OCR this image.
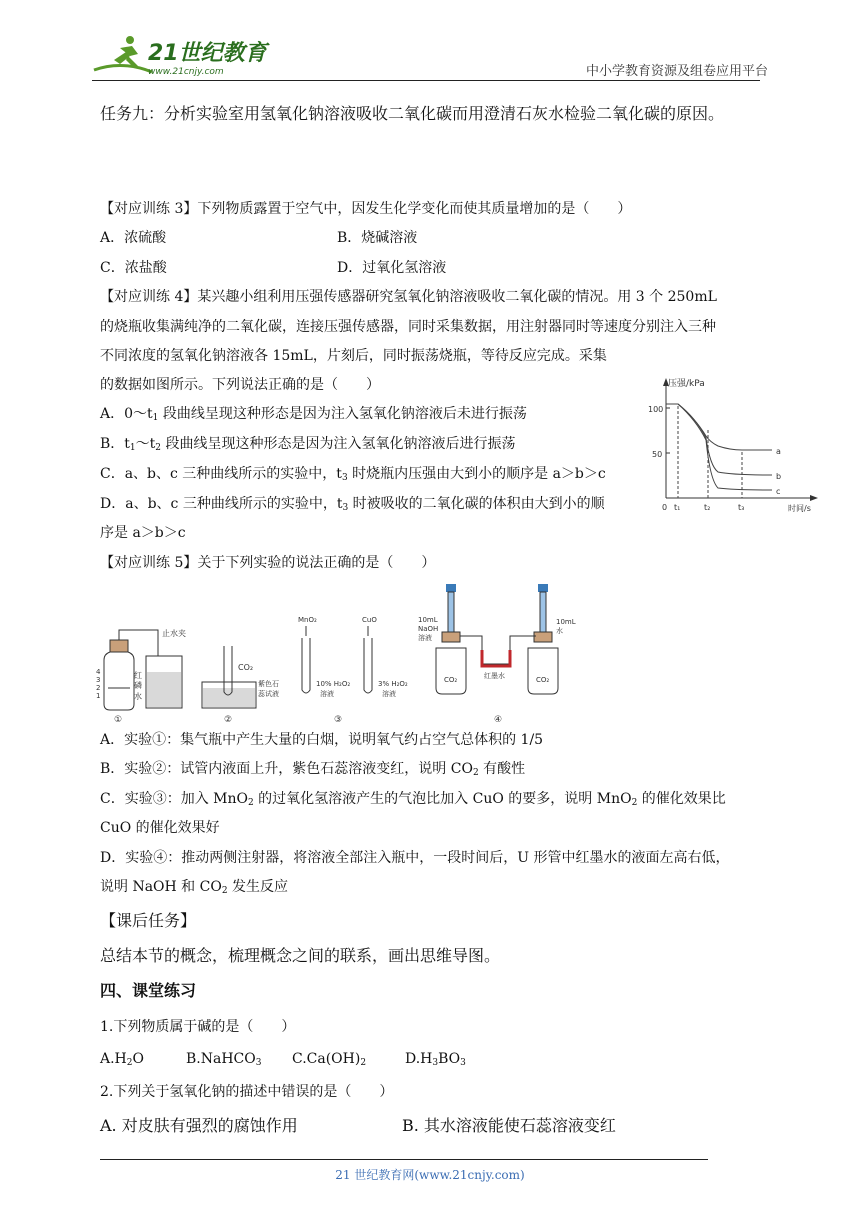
21世纪教育
www.21cnjy.com	中小学教育资源及组卷应用平台
任务九：分析实验室用氢氧化钠溶液吸收二氧化碳而用澄清石灰水检验二氧化碳的原因。
【对应训练 3】下列物质露置于空气中，因发生化学变化而使其质量增加的是（　　）
A．浓硫酸	B．烧碱溶液
C．浓盐酸	D．过氧化氢溶液
【对应训练 4】某兴趣小组利用压强传感器研究氢氧化钠溶液吸收二氧化碳的情况。用 3 个 250mL
的烧瓶收集满纯净的二氧化碳，连接压强传感器，同时采集数据，用注射器同时等速度分别注入三种
不同浓度的氢氧化钠溶液各 15mL，片刻后，同时振荡烧瓶，等待反应完成。采集
的数据如图所示。下列说法正确的是（　　）
A．$0\sim t_1$ 段曲线呈现这种形态是因为注入氢氧化钠溶液后未进行振荡
B．$t_1\sim t_2$ 段曲线呈现这种形态是因为注入氢氧化钠溶液后进行振荡
C．a、b、c 三种曲线所示的实验中，$t_3$ 时烧瓶内压强由大到小的顺序是 a＞b＞c
D．a、b、c 三种曲线所示的实验中，$t_3$ 时被吸收的二氧化碳的体积由大到小的顺
序是 a＞b＞c
压强/kPa
时间/s
100
50
0 t₁	t₂	t₃
a
b
c
【对应训练 5】关于下列实验的说法正确的是（　　）
止水夹
4
3
2
1
红
磷
水
①
CO₂
紫色石
蕊试液
②
MnO₂
10% H₂O₂
溶液
CuO
3% H₂O₂
溶液
③
CO₂
10mL
NaOH
溶液
CO₂
10mL
水
红墨水
④
A．实验①：集气瓶中产生大量的白烟，说明氧气约占空气总体积的 1/5
B．实验②：试管内液面上升，紫色石蕊溶液变红，说明 $CO_2$ 有酸性
C．实验③：加入 MnO$_2$ 的过氧化氢溶液产生的气泡比加入 CuO 的要多，说明 MnO$_2$ 的催化效果比
CuO 的催化效果好
D．实验④：推动两侧注射器，将溶液全部注入瓶中，一段时间后，U 形管中红墨水的液面左高右低，
说明 NaOH 和 $CO_2$ 发生反应
【课后任务】
总结本节的概念，梳理概念之间的联系，画出思维导图。
四、课堂练习
1.下列物质属于碱的是（　　）
$A.H_2O$	B.NaHCO$_3$ $C.Ca(OH)_2$	$D.H_3BO_3$
2.下列关于氢氧化钠的描述中错误的是（　　）
A. 对皮肤有强烈的腐蚀作用	B. 其水溶液能使石蕊溶液变红
21 世纪教育网(www.21cnjy.com)
